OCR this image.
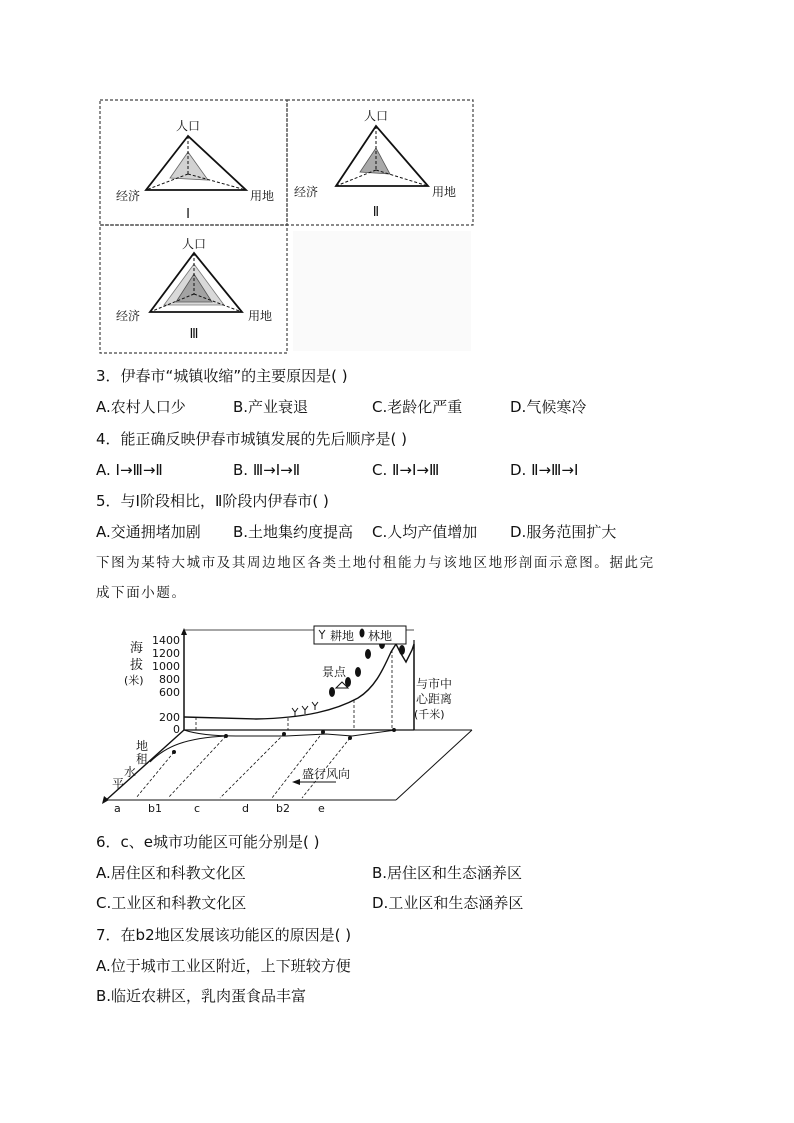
人口
经济	用地
Ⅰ
人口
经济	用地
Ⅱ
人口
经济	用地
Ⅲ
3．伊春市“城镇收缩”的主要原因是( )
A.农村人口少	B.产业衰退	C.老龄化严重	D.气候寒冷
4．能正确反映伊春市城镇发展的先后顺序是( )
A. Ⅰ→Ⅲ→Ⅱ	B. Ⅲ→Ⅰ→Ⅱ	C. Ⅱ→Ⅰ→Ⅲ	D. Ⅱ→Ⅲ→Ⅰ
5．与Ⅰ阶段相比，Ⅱ阶段内伊春市( )
A.交通拥堵加剧 B.土地集约度提高 C.人均产值增加 D.服务范围扩大
下图为某特大城市及其周边地区各类土地付租能力与该地区地形剖面示意图。据此完
成下面小题。
海
拔
(米)
1400
1200
1000
800
600
200
0
景点
耕地 林地
与市中
心距离
(千米)
地
租
水
平
盛行风向
a b1	c	d b2	e
6．c、e城市功能区可能分别是( )
A.居住区和科教文化区	B.居住区和生态涵养区
C.工业区和科教文化区	D.工业区和生态涵养区
7．在b2地区发展该功能区的原因是( )
A.位于城市工业区附近，上下班较方便
B.临近农耕区，乳肉蛋食品丰富
